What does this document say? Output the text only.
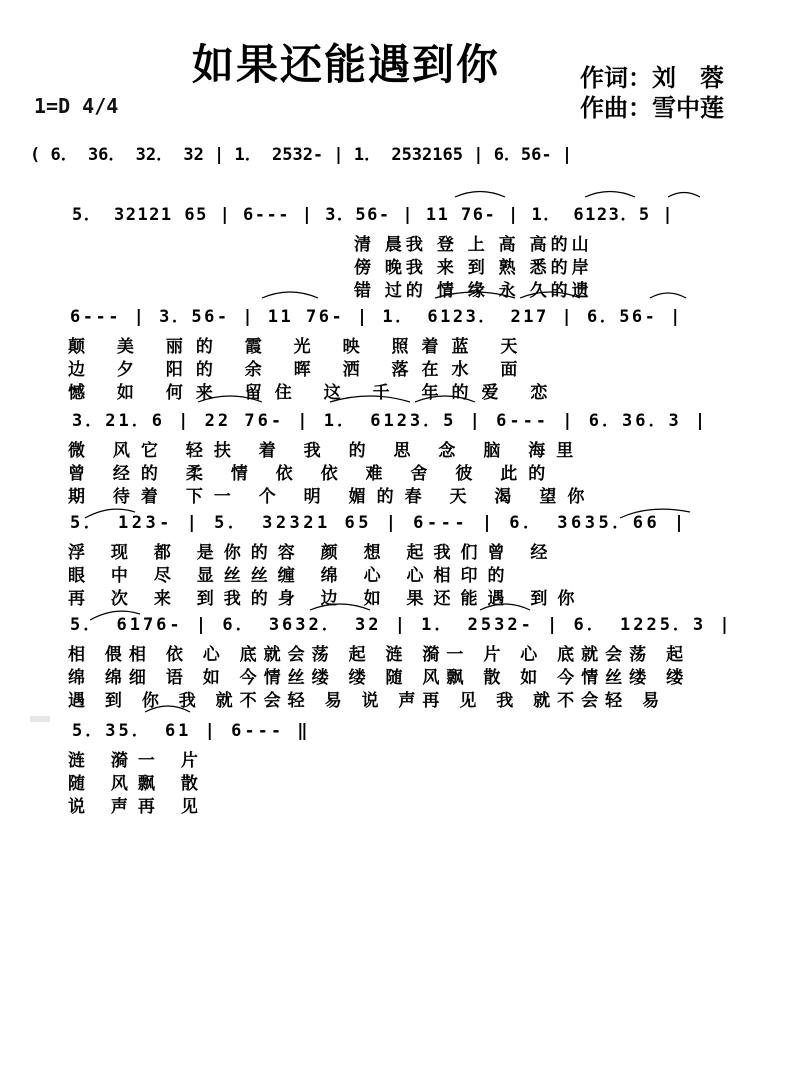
如果还能遇到你	作词：刘　蓉
作曲：雪中莲
1=D 4/4
( 6． 36． 32． 32 | 1． 2532- | 1． 2532165 | 6．56- |
5． 32121 65 | 6--- | 3．56- | 11 76- | 1． 6123．5 |
清 晨我 登 上 高 高的山
傍 晚我 来 到 熟 悉的岸
错 过的 情 缘 永 久的遗
6--- | 3．56- | 11 76- | 1． 6123． 217 | 6．56- |
颠 美 丽的 霞 光 映 照着蓝 天
边 夕 阳的 余 晖 洒 落在水 面
憾 如 何来 留住 这 千 年的爱 恋
3．21．6 | 22 76- | 1． 6123．5 | 6--- | 6．36．3 |
微 风它 轻扶 着 我 的 思 念 脑 海里
曾 经的 柔 情 依 依 难 舍 彼 此的
期 待着 下一 个 明 媚的春 天 渴 望你
5． 123- | 5． 32321 65 | 6--- | 6． 3635．66 |
浮 现 都 是你的容 颜 想 起我们曾 经
眼 中 尽 显丝丝缠 绵 心 心相印的
再 次 来 到我的身 边 如 果还能遇 到你
5． 6176- | 6． 3632． 32 | 1． 2532- | 6． 1225．3 |
相 偎相 依 心 底就会荡 起 涟 漪一 片 心 底就会荡 起
绵 绵细 语 如 今情丝缕 缕 随 风飘 散 如 今情丝缕 缕
遇 到 你 我 就不会轻 易 说 声再 见 我 就不会轻 易
5．35． 61 | 6--- ‖
涟 漪一 片
随 风飘 散
说 声再 见
